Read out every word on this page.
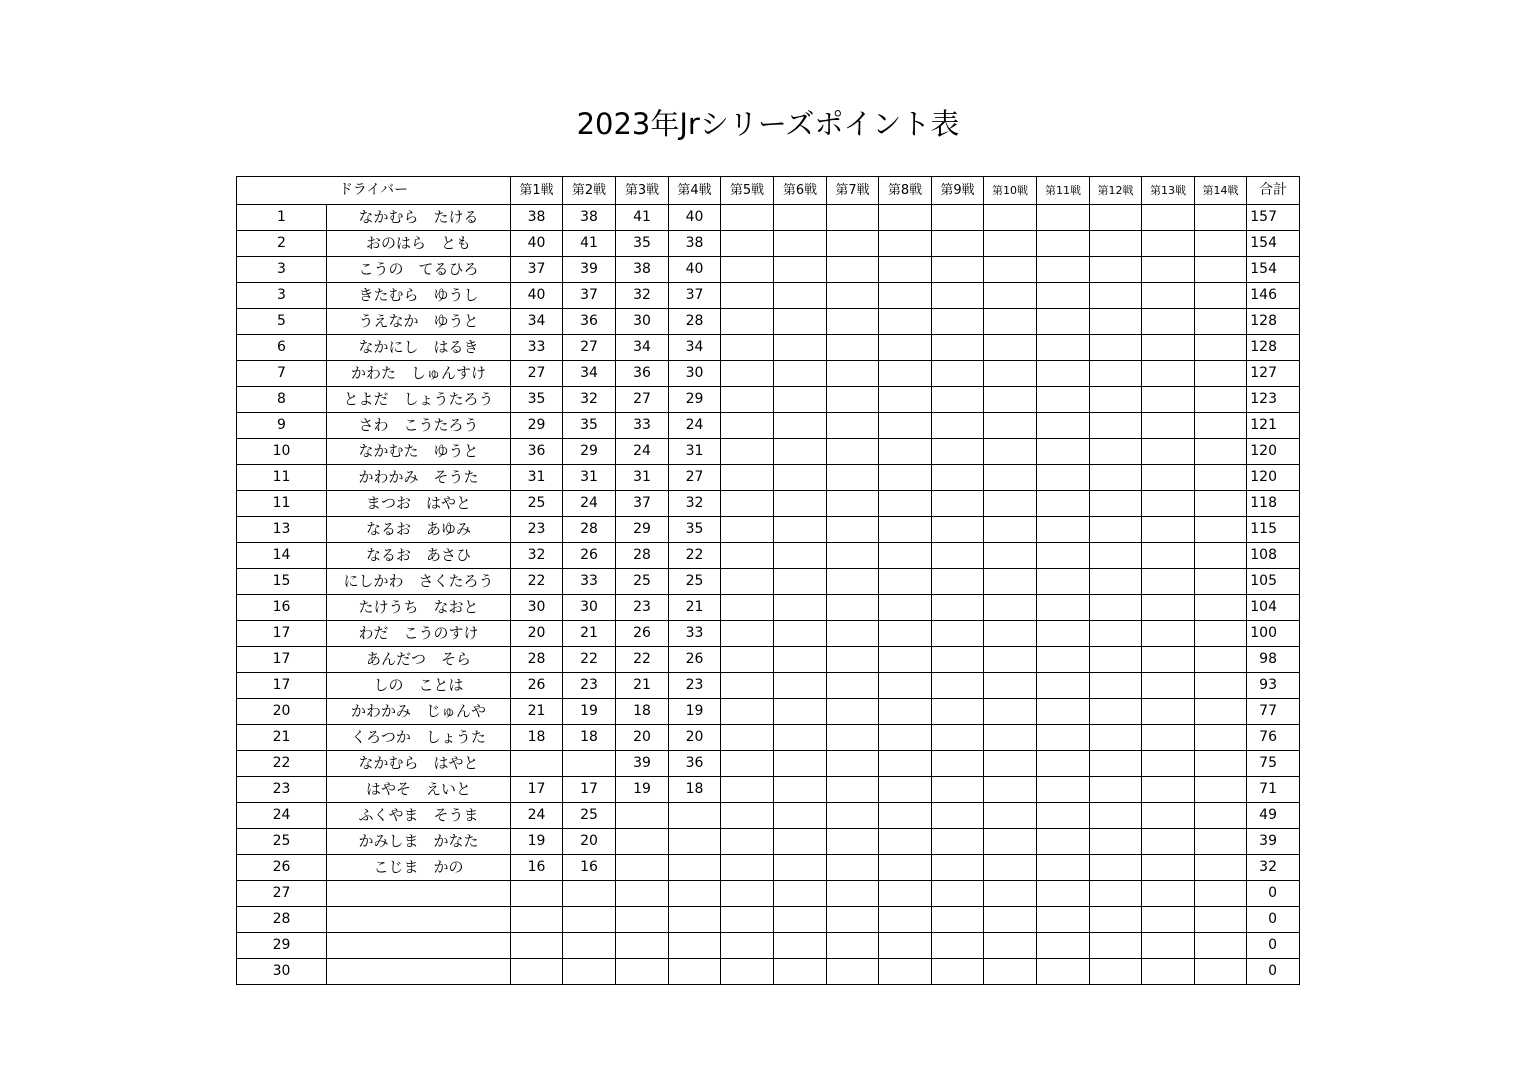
2023年Jrシリーズポイント表
ドライバー		第1戦	第2戦	第3戦	第4戦	第5戦	第6戦	第7戦	第8戦	第9戦	第10戦	第11戦	第12戦	第13戦	第14戦	合計
1	なかむら　たける	38	38	41	40											157
2	おのはら　とも	40	41	35	38											154
3	こうの　てるひろ	37	39	38	40											154
3	きたむら　ゆうし	40	37	32	37											146
5	うえなか　ゆうと	34	36	30	28											128
6	なかにし　はるき	33	27	34	34											128
7	かわた　しゅんすけ	27	34	36	30											127
8	とよだ　しょうたろう	35	32	27	29											123
9	さわ　こうたろう	29	35	33	24											121
10	なかむた　ゆうと	36	29	24	31											120
11	かわかみ　そうた	31	31	31	27											120
11	まつお　はやと	25	24	37	32											118
13	なるお　あゆみ	23	28	29	35											115
14	なるお　あさひ	32	26	28	22											108
15	にしかわ　さくたろう	22	33	25	25											105
16	たけうち　なおと	30	30	23	21											104
17	わだ　こうのすけ	20	21	26	33											100
17	あんだつ　そら	28	22	22	26											98
17	しの　ことは	26	23	21	23											93
20	かわかみ　じゅんや	21	19	18	19											77
21	くろつか　しょうた	18	18	20	20											76
22	なかむら　はやと			39	36											75
23	はやそ　えいと	17	17	19	18											71
24	ふくやま　そうま	24	25													49
25	かみしま　かなた	19	20													39
26	こじま　かの	16	16													32
27																0
28																0
29																0
30																0
